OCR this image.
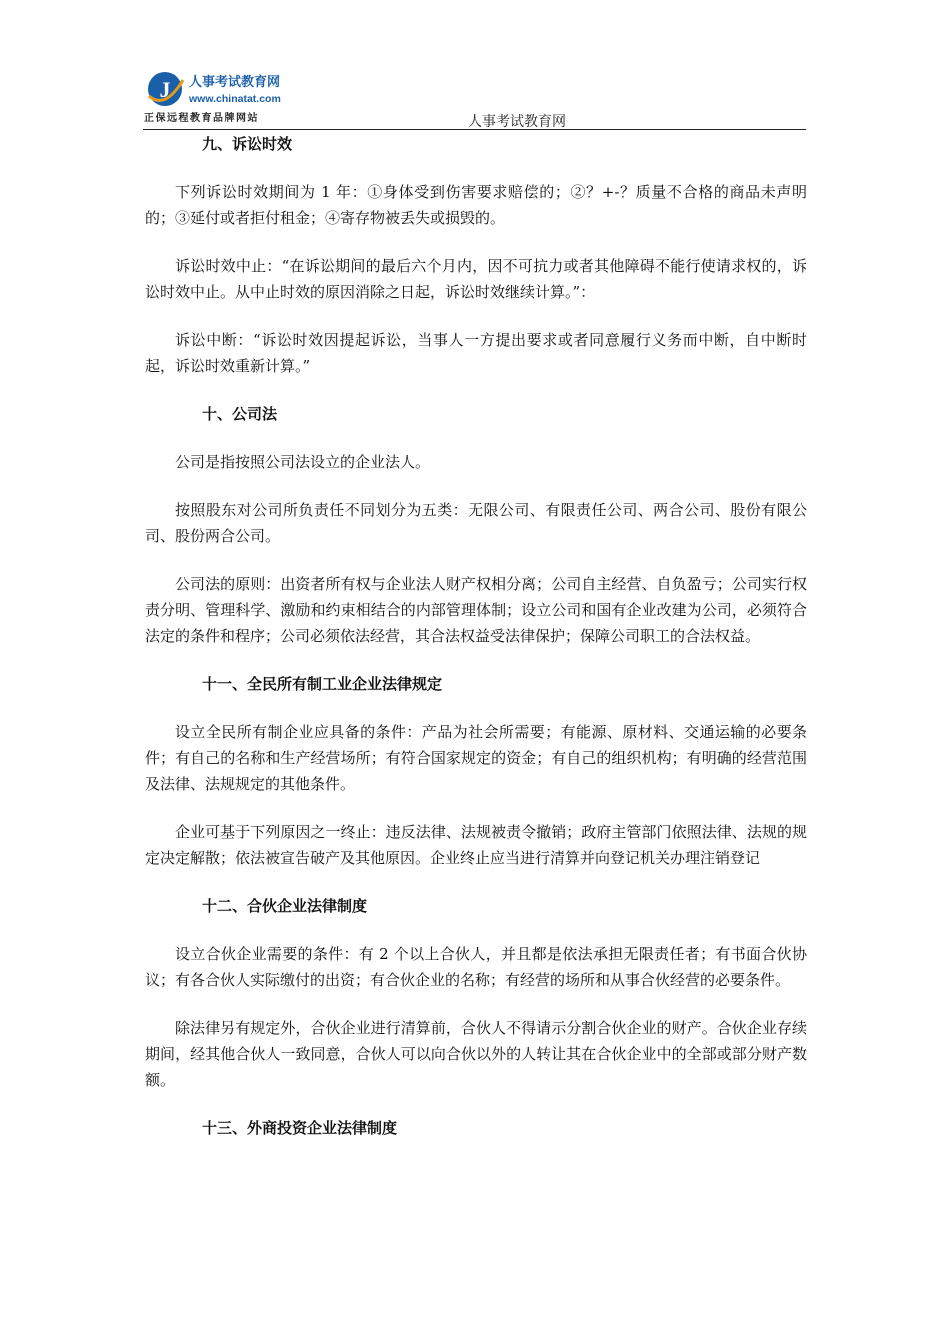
J 人事考试教育网
www.chinatat.com
正保远程教育品牌网站	人事考试教育网
九、诉讼时效

下列诉讼时效期间为 1 年：①身体受到伤害要求赔偿的；②？+-？质量不合格的商品未声明的；③延付或者拒付租金；④寄存物被丢失或损毁的。

诉讼时效中止：“在诉讼期间的最后六个月内，因不可抗力或者其他障碍不能行使请求权的，诉讼时效中止。从中止时效的原因消除之日起，诉讼时效继续计算。”：

诉讼中断：“诉讼时效因提起诉讼，当事人一方提出要求或者同意履行义务而中断，自中断时起，诉讼时效重新计算。”

十、公司法

公司是指按照公司法设立的企业法人。

按照股东对公司所负责任不同划分为五类：无限公司、有限责任公司、两合公司、股份有限公司、股份两合公司。

公司法的原则：出资者所有权与企业法人财产权相分离；公司自主经营、自负盈亏；公司实行权责分明、管理科学、激励和约束相结合的内部管理体制；设立公司和国有企业改建为公司，必须符合法定的条件和程序；公司必须依法经营，其合法权益受法律保护；保障公司职工的合法权益。

十一、全民所有制工业企业法律规定

设立全民所有制企业应具备的条件：产品为社会所需要；有能源、原材料、交通运输的必要条件；有自己的名称和生产经营场所；有符合国家规定的资金；有自己的组织机构；有明确的经营范围及法律、法规规定的其他条件。

企业可基于下列原因之一终止：违反法律、法规被责令撤销；政府主管部门依照法律、法规的规定决定解散；依法被宣告破产及其他原因。企业终止应当进行清算并向登记机关办理注销登记

十二、合伙企业法律制度

设立合伙企业需要的条件：有 2 个以上合伙人，并且都是依法承担无限责任者；有书面合伙协议；有各合伙人实际缴付的出资；有合伙企业的名称；有经营的场所和从事合伙经营的必要条件。

除法律另有规定外，合伙企业进行清算前，合伙人不得请示分割合伙企业的财产。合伙企业存续期间，经其他合伙人一致同意，合伙人可以向合伙以外的人转让其在合伙企业中的全部或部分财产数额。

十三、外商投资企业法律制度
